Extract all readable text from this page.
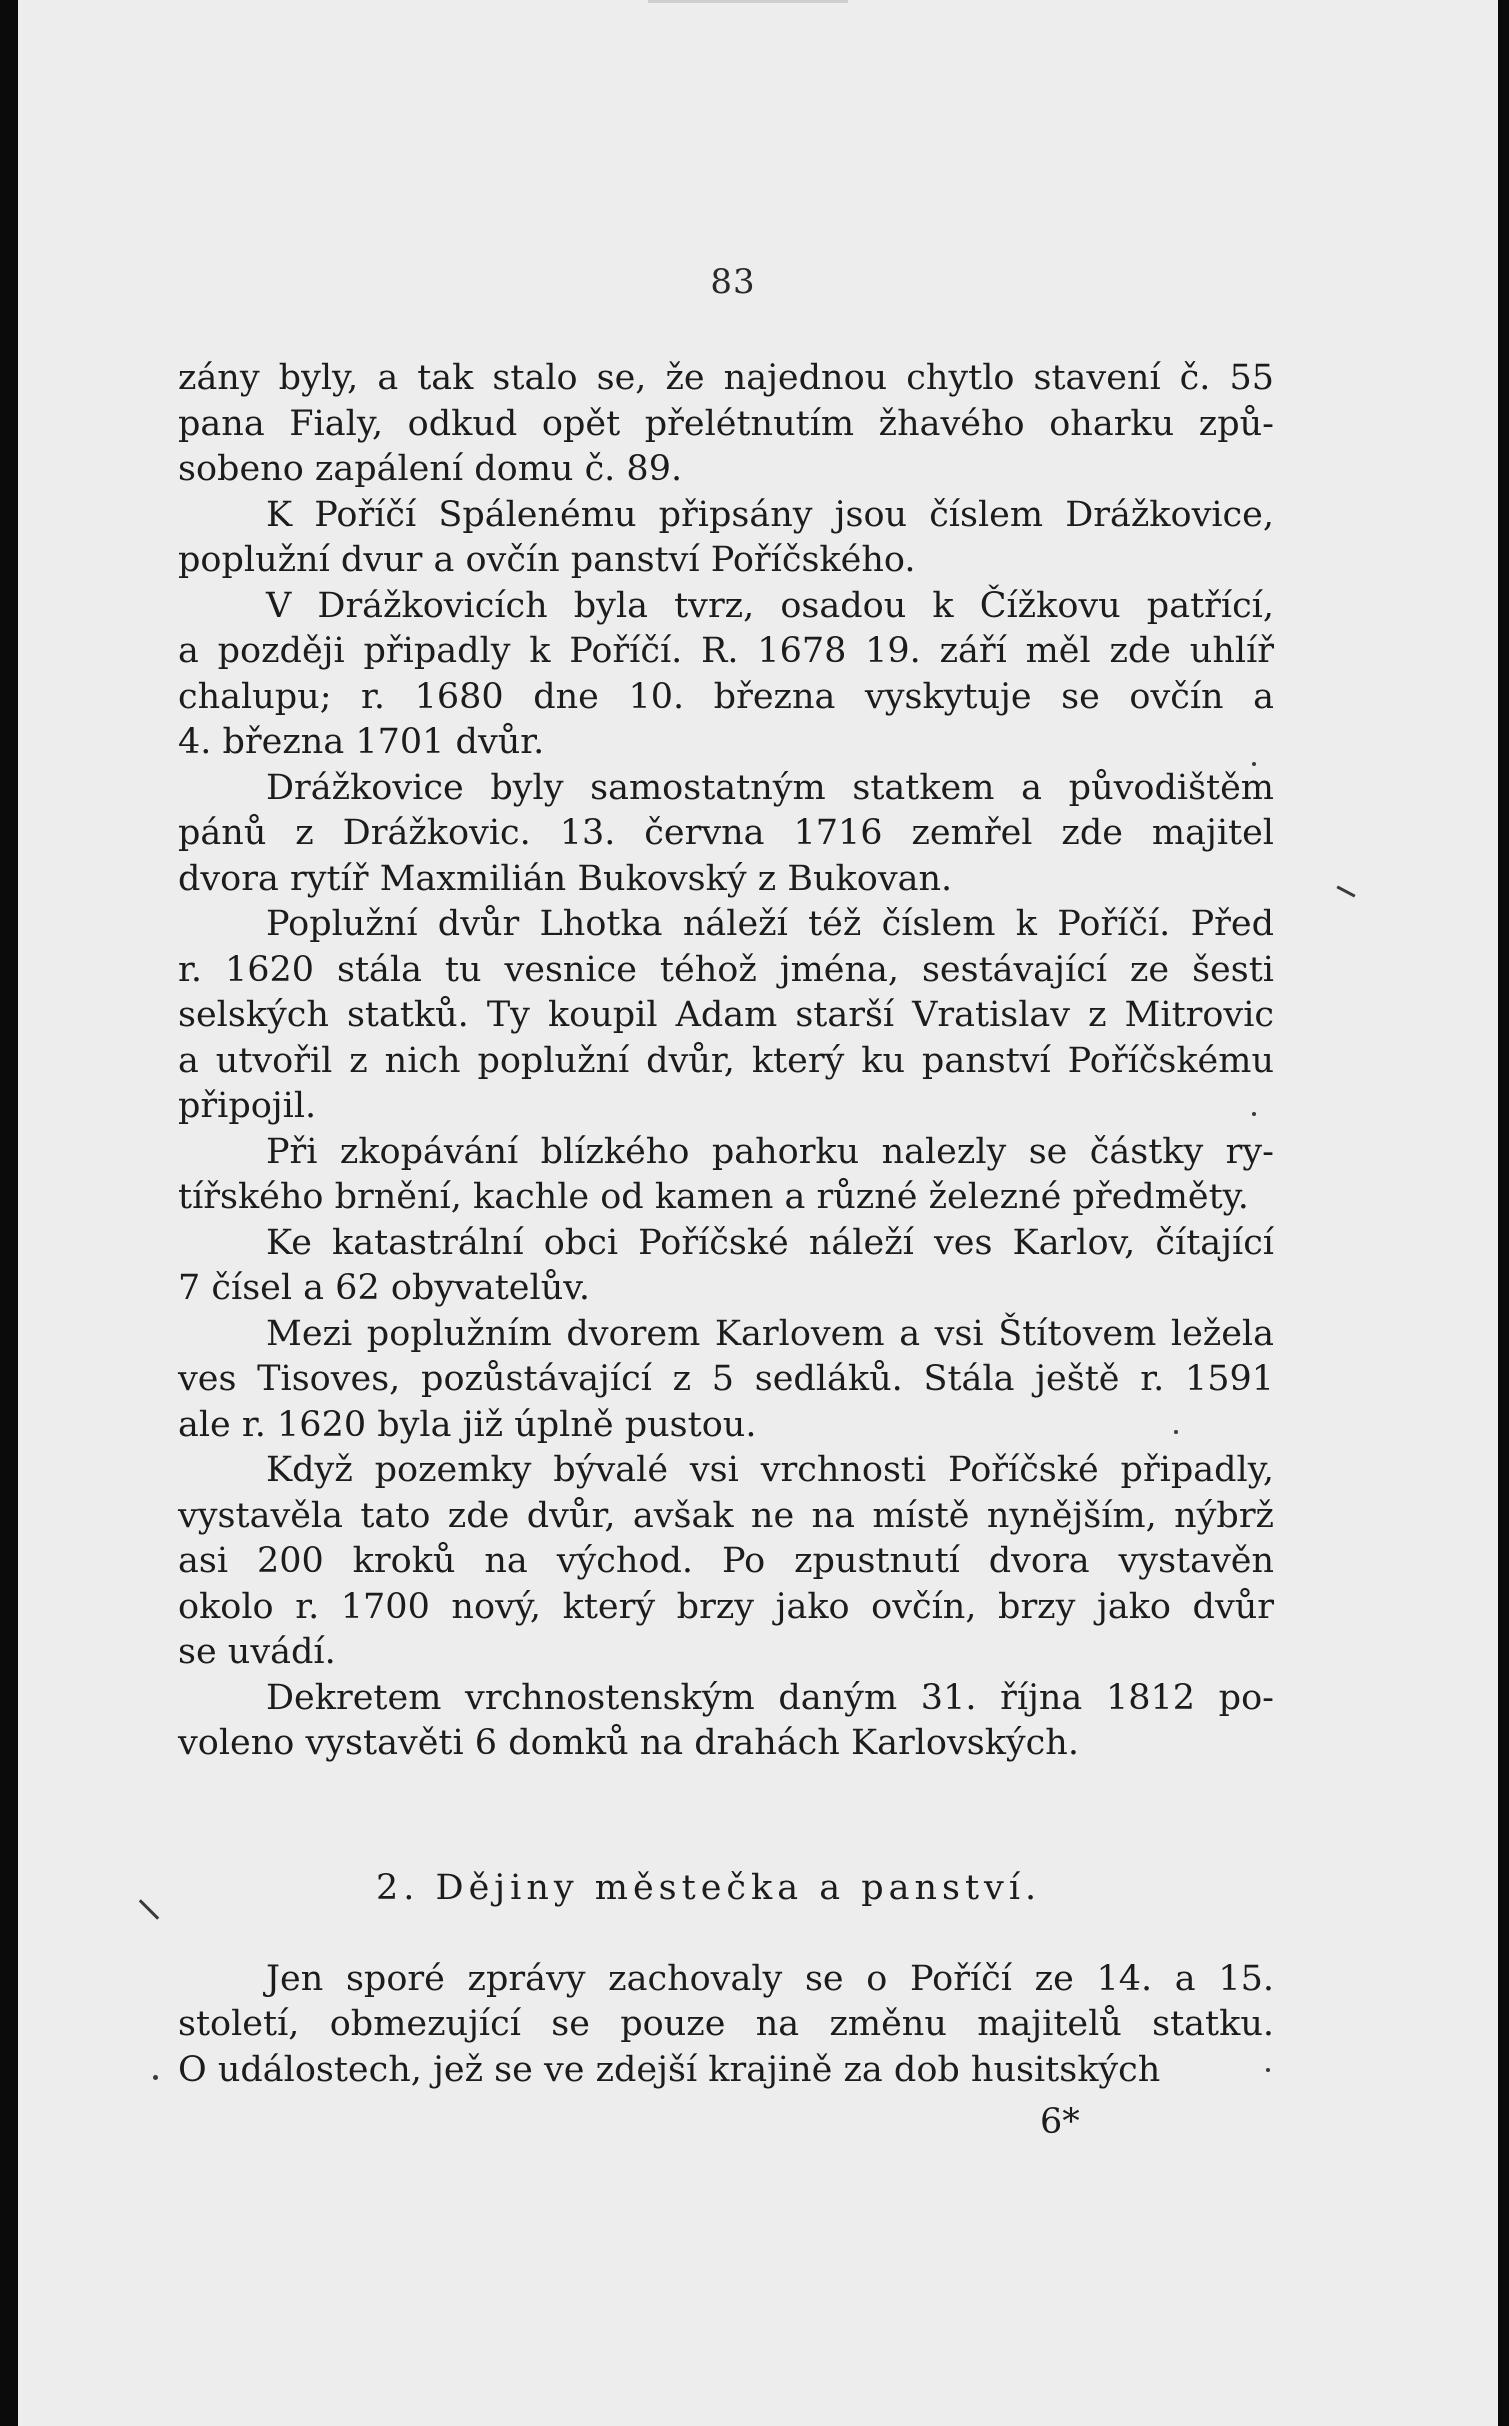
83
zány byly, a tak stalo se, že najednou chytlo stavení č. 55
pana Fialy, odkud opět přelétnutím žhavého oharku způ-
sobeno zapálení domu č. 89.
K Poříčí Spálenému připsány jsou číslem Drážkovice,
poplužní dvur a ovčín panství Poříčského.
V Drážkovicích byla tvrz, osadou k Čížkovu patřící,
a později připadly k Poříčí. R. 1678 19. září měl zde uhlíř
chalupu; r. 1680 dne 10. března vyskytuje se ovčín a
4. března 1701 dvůr.
Drážkovice byly samostatným statkem a původištěm
pánů z Drážkovic. 13. června 1716 zemřel zde majitel
dvora rytíř Maxmilián Bukovský z Bukovan.
Poplužní dvůr Lhotka náleží též číslem k Poříčí. Před
r. 1620 stála tu vesnice téhož jména, sestávající ze šesti
selských statků. Ty koupil Adam starší Vratislav z Mitrovic
a utvořil z nich poplužní dvůr, který ku panství Poříčskému
připojil.
Při zkopávání blízkého pahorku nalezly se částky ry-
tířského brnění, kachle od kamen a různé železné předměty.
Ke katastrální obci Poříčské náleží ves Karlov, čítající
7 čísel a 62 obyvatelův.
Mezi poplužním dvorem Karlovem a vsi Štítovem ležela
ves Tisoves, pozůstávající z 5 sedláků. Stála ještě r. 1591
ale r. 1620 byla již úplně pustou.
Když pozemky bývalé vsi vrchnosti Poříčské připadly,
vystavěla tato zde dvůr, avšak ne na místě nynějším, nýbrž
asi 200 kroků na východ. Po zpustnutí dvora vystavěn
okolo r. 1700 nový, který brzy jako ovčín, brzy jako dvůr
se uvádí.
Dekretem vrchnostenským daným 31. října 1812 po-
voleno vystavěti 6 domků na drahách Karlovských.
2. Dějiny městečka a panství.
Jen sporé zprávy zachovaly se o Poříčí ze 14. a 15.
století, obmezující se pouze na změnu majitelů statku.
O událostech, jež se ve zdejší krajině za dob husitských
6*
